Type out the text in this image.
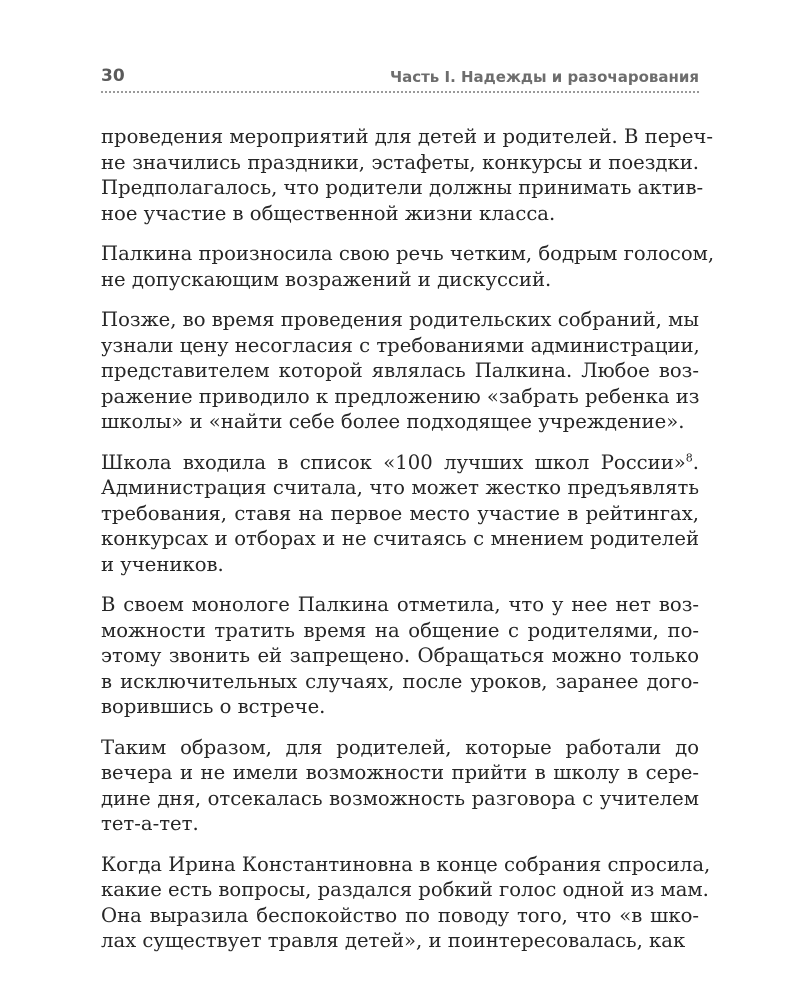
30	Часть I. Надежды и разочарования

проведения мероприятий для детей и родителей. В переч-
не значились праздники, эстафеты, конкурсы и поездки.
Предполагалось, что родители должны принимать актив-
ное участие в общественной жизни класса.

Палкина произносила свою речь четким, бодрым голосом,
не допускающим возражений и дискуссий.

Позже, во время проведения родительских собраний, мы
узнали цену несогласия с требованиями администрации,
представителем которой являлась Палкина. Любое воз-
ражение приводило к предложению «забрать ребенка из
школы» и «найти себе более подходящее учреждение».

Школа входила в список «100 лучших школ России»$^8$.
Администрация считала, что может жестко предъявлять
требования, ставя на первое место участие в рейтингах,
конкурсах и отборах и не считаясь с мнением родителей
и учеников.

В своем монологе Палкина отметила, что у нее нет воз-
можности тратить время на общение с родителями, по-
этому звонить ей запрещено. Обращаться можно только
в исключительных случаях, после уроков, заранее дого-
ворившись о встрече.

Таким образом, для родителей, которые работали до
вечера и не имели возможности прийти в школу в сере-
дине дня, отсекалась возможность разговора с учителем
тет-а-тет.

Когда Ирина Константиновна в конце собрания спросила,
какие есть вопросы, раздался робкий голос одной из мам.
Она выразила беспокойство по поводу того, что «в шко-
лах существует травля детей», и поинтересовалась, как
